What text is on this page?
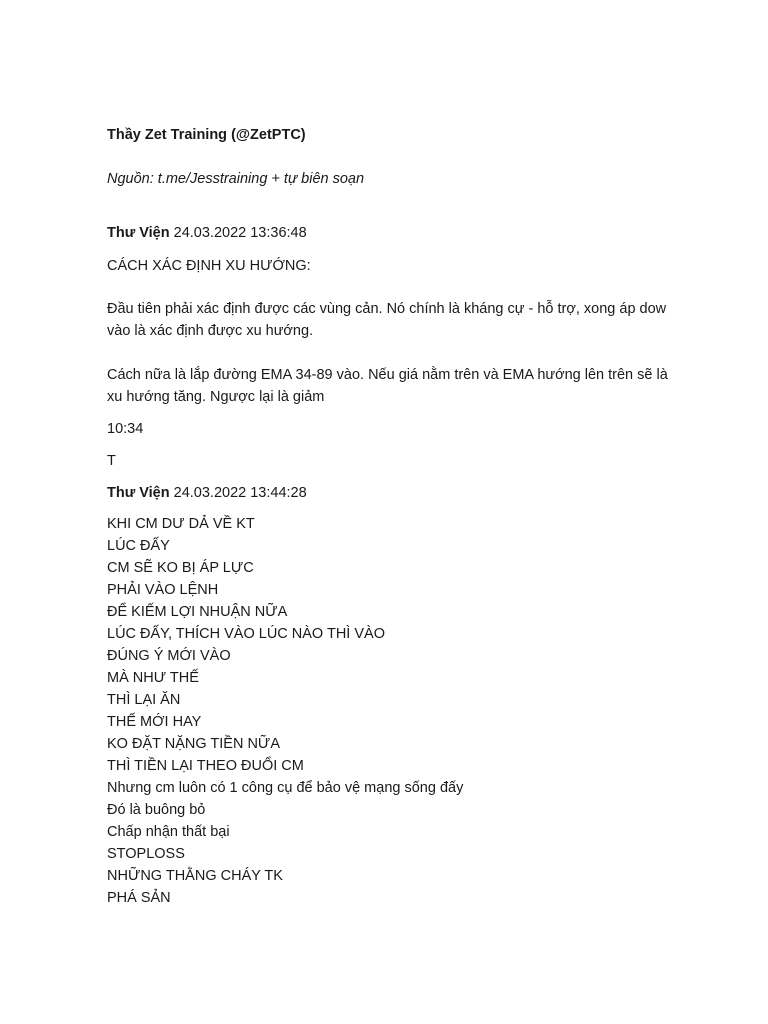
Thầy Zet Training (@ZetPTC)
Nguồn: t.me/Jesstraining + tự biên soạn
Thư Viện 24.03.2022 13:36:48
CÁCH XÁC ĐỊNH XU HƯỚNG:
Đầu tiên phải xác định được các vùng cản. Nó chính là kháng cự - hỗ trợ, xong áp dow vào là xác định được xu hướng.
Cách nữa là lắp đường EMA 34-89 vào. Nếu giá nằm trên và EMA hướng lên trên sẽ là xu hướng tăng. Ngược lại là giảm
10:34
T
Thư Viện 24.03.2022 13:44:28
KHI CM DƯ DẢ VỀ KT
LÚC ĐẤY
CM SẼ KO BỊ ÁP LỰC
PHẢI VÀO LỆNH
ĐỂ KIẾM LỢI NHUẬN NỮA
LÚC ĐẤY, THÍCH VÀO LÚC NÀO THÌ VÀO
ĐÚNG Ý MỚI VÀO
MÀ NHƯ THẾ
THÌ LẠI ĂN
THẾ MỚI HAY
KO ĐẶT NẶNG TIỀN NỮA
THÌ TIỀN LẠI THEO ĐUỔI CM
Nhưng cm luôn có 1 công cụ để bảo vệ mạng sống đấy
Đó là buông bỏ
Chấp nhận thất bại
STOPLOSS
NHỮNG THẰNG CHÁY TK
PHÁ SẢN
